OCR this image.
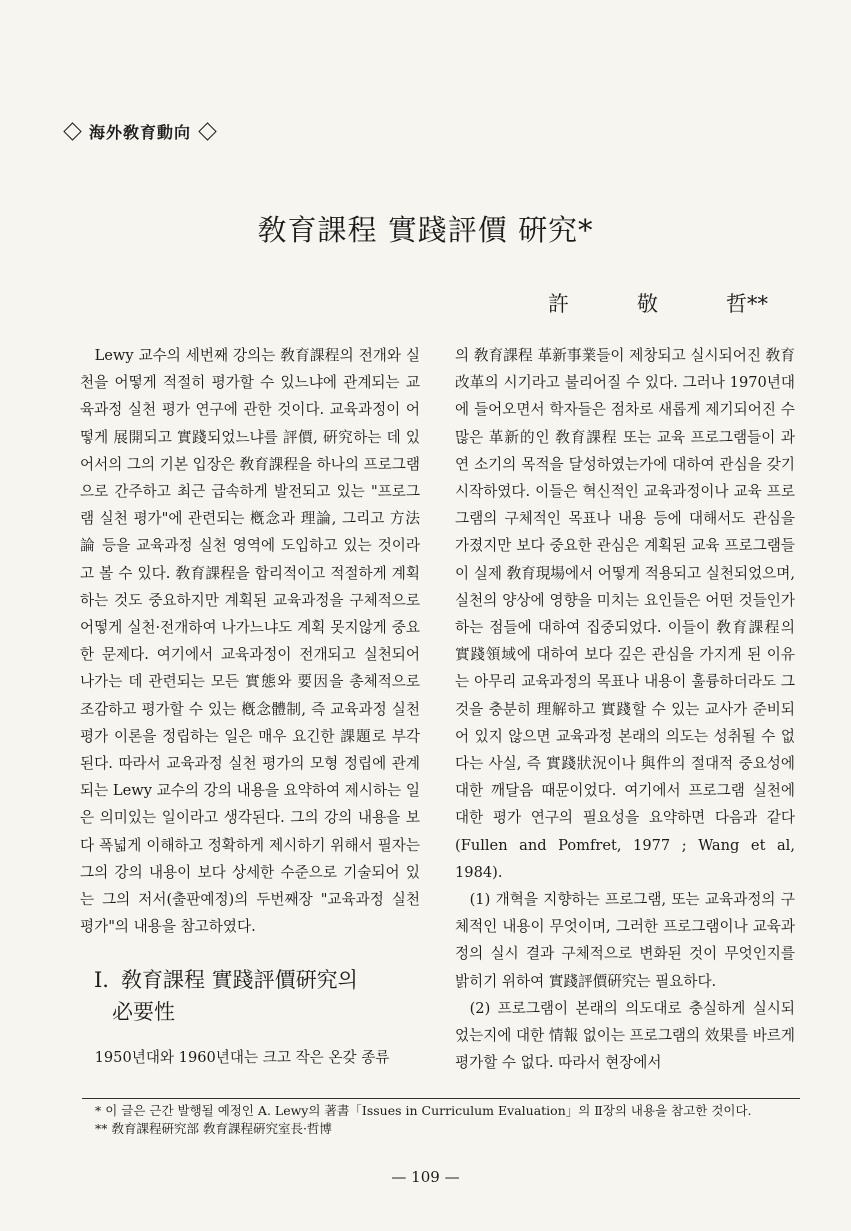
海外敎育動向
敎育課程 實踐評價 硏究*
許	敬	哲**

Lewy 교수의 세번째 강의는 敎育課程의 전개와 실천을 어떻게 적절히 평가할 수 있느냐에 관계되는 교육과정 실천 평가 연구에 관한 것이다. 교육과정이 어떻게 展開되고 實踐되었느냐를 評價, 硏究하는 데 있어서의 그의 기본 입장은 敎育課程을 하나의 프로그램으로 간주하고 최근 급속하게 발전되고 있는 "프로그램 실천 평가"에 관련되는 槪念과 理論, 그리고 方法論 등을 교육과정 실천 영역에 도입하고 있는 것이라고 볼 수 있다. 敎育課程을 합리적이고 적절하게 계획하는 것도 중요하지만 계획된 교육과정을 구체적으로 어떻게 실천·전개하여 나가느냐도 계획 못지않게 중요한 문제다. 여기에서 교육과정이 전개되고 실천되어 나가는 데 관련되는 모든 實態와 要因을 총체적으로 조감하고 평가할 수 있는 槪念體制, 즉 교육과정 실천 평가 이론을 정립하는 일은 매우 요긴한 課題로 부각된다. 따라서 교육과정 실천 평가의 모형 정립에 관계되는 Lewy 교수의 강의 내용을 요약하여 제시하는 일은 의미있는 일이라고 생각된다. 그의 강의 내용을 보다 폭넓게 이해하고 정확하게 제시하기 위해서 필자는 그의 강의 내용이 보다 상세한 수준으로 기술되어 있는 그의 저서(출판예정)의 두번째장 "교육과정 실천 평가"의 내용을 참고하였다.

Ⅰ. 敎育課程 實踐評價硏究의
必要性

1950년대와 1960년대는 크고 작은 온갖 종류

의 敎育課程 革新事業들이 제창되고 실시되어진 敎育改革의 시기라고 불리어질 수 있다. 그러나 1970년대에 들어오면서 학자들은 점차로 새롭게 제기되어진 수많은 革新的인 敎育課程 또는 교육 프로그램들이 과연 소기의 목적을 달성하였는가에 대하여 관심을 갖기 시작하였다. 이들은 혁신적인 교육과정이나 교육 프로그램의 구체적인 목표나 내용 등에 대해서도 관심을 가졌지만 보다 중요한 관심은 계획된 교육 프로그램들이 실제 敎育現場에서 어떻게 적용되고 실천되었으며, 실천의 양상에 영향을 미치는 요인들은 어떤 것들인가 하는 점들에 대하여 집중되었다. 이들이 敎育課程의 實踐領域에 대하여 보다 깊은 관심을 가지게 된 이유는 아무리 교육과정의 목표나 내용이 훌륭하더라도 그것을 충분히 理解하고 實踐할 수 있는 교사가 준비되어 있지 않으면 교육과정 본래의 의도는 성취될 수 없다는 사실, 즉 實踐狀況이나 與件의 절대적 중요성에 대한 깨달음 때문이었다. 여기에서 프로그램 실천에 대한 평가 연구의 필요성을 요약하면 다음과 같다(Fullen and Pomfret, 1977 ; Wang et al, 1984).

(1) 개혁을 지향하는 프로그램, 또는 교육과정의 구체적인 내용이 무엇이며, 그러한 프로그램이나 교육과정의 실시 결과 구체적으로 변화된 것이 무엇인지를 밝히기 위하여 實踐評價硏究는 필요하다.

(2) 프로그램이 본래의 의도대로 충실하게 실시되었는지에 대한 情報 없이는 프로그램의 效果를 바르게 평가할 수 없다. 따라서 현장에서

* 이 글은 근간 발행될 예정인 A. Lewy의 著書「Issues in Curriculum Evaluation」의 Ⅱ장의 내용을 참고한 것이다.
** 敎育課程硏究部 敎育課程硏究室長·哲博
— 109 —
